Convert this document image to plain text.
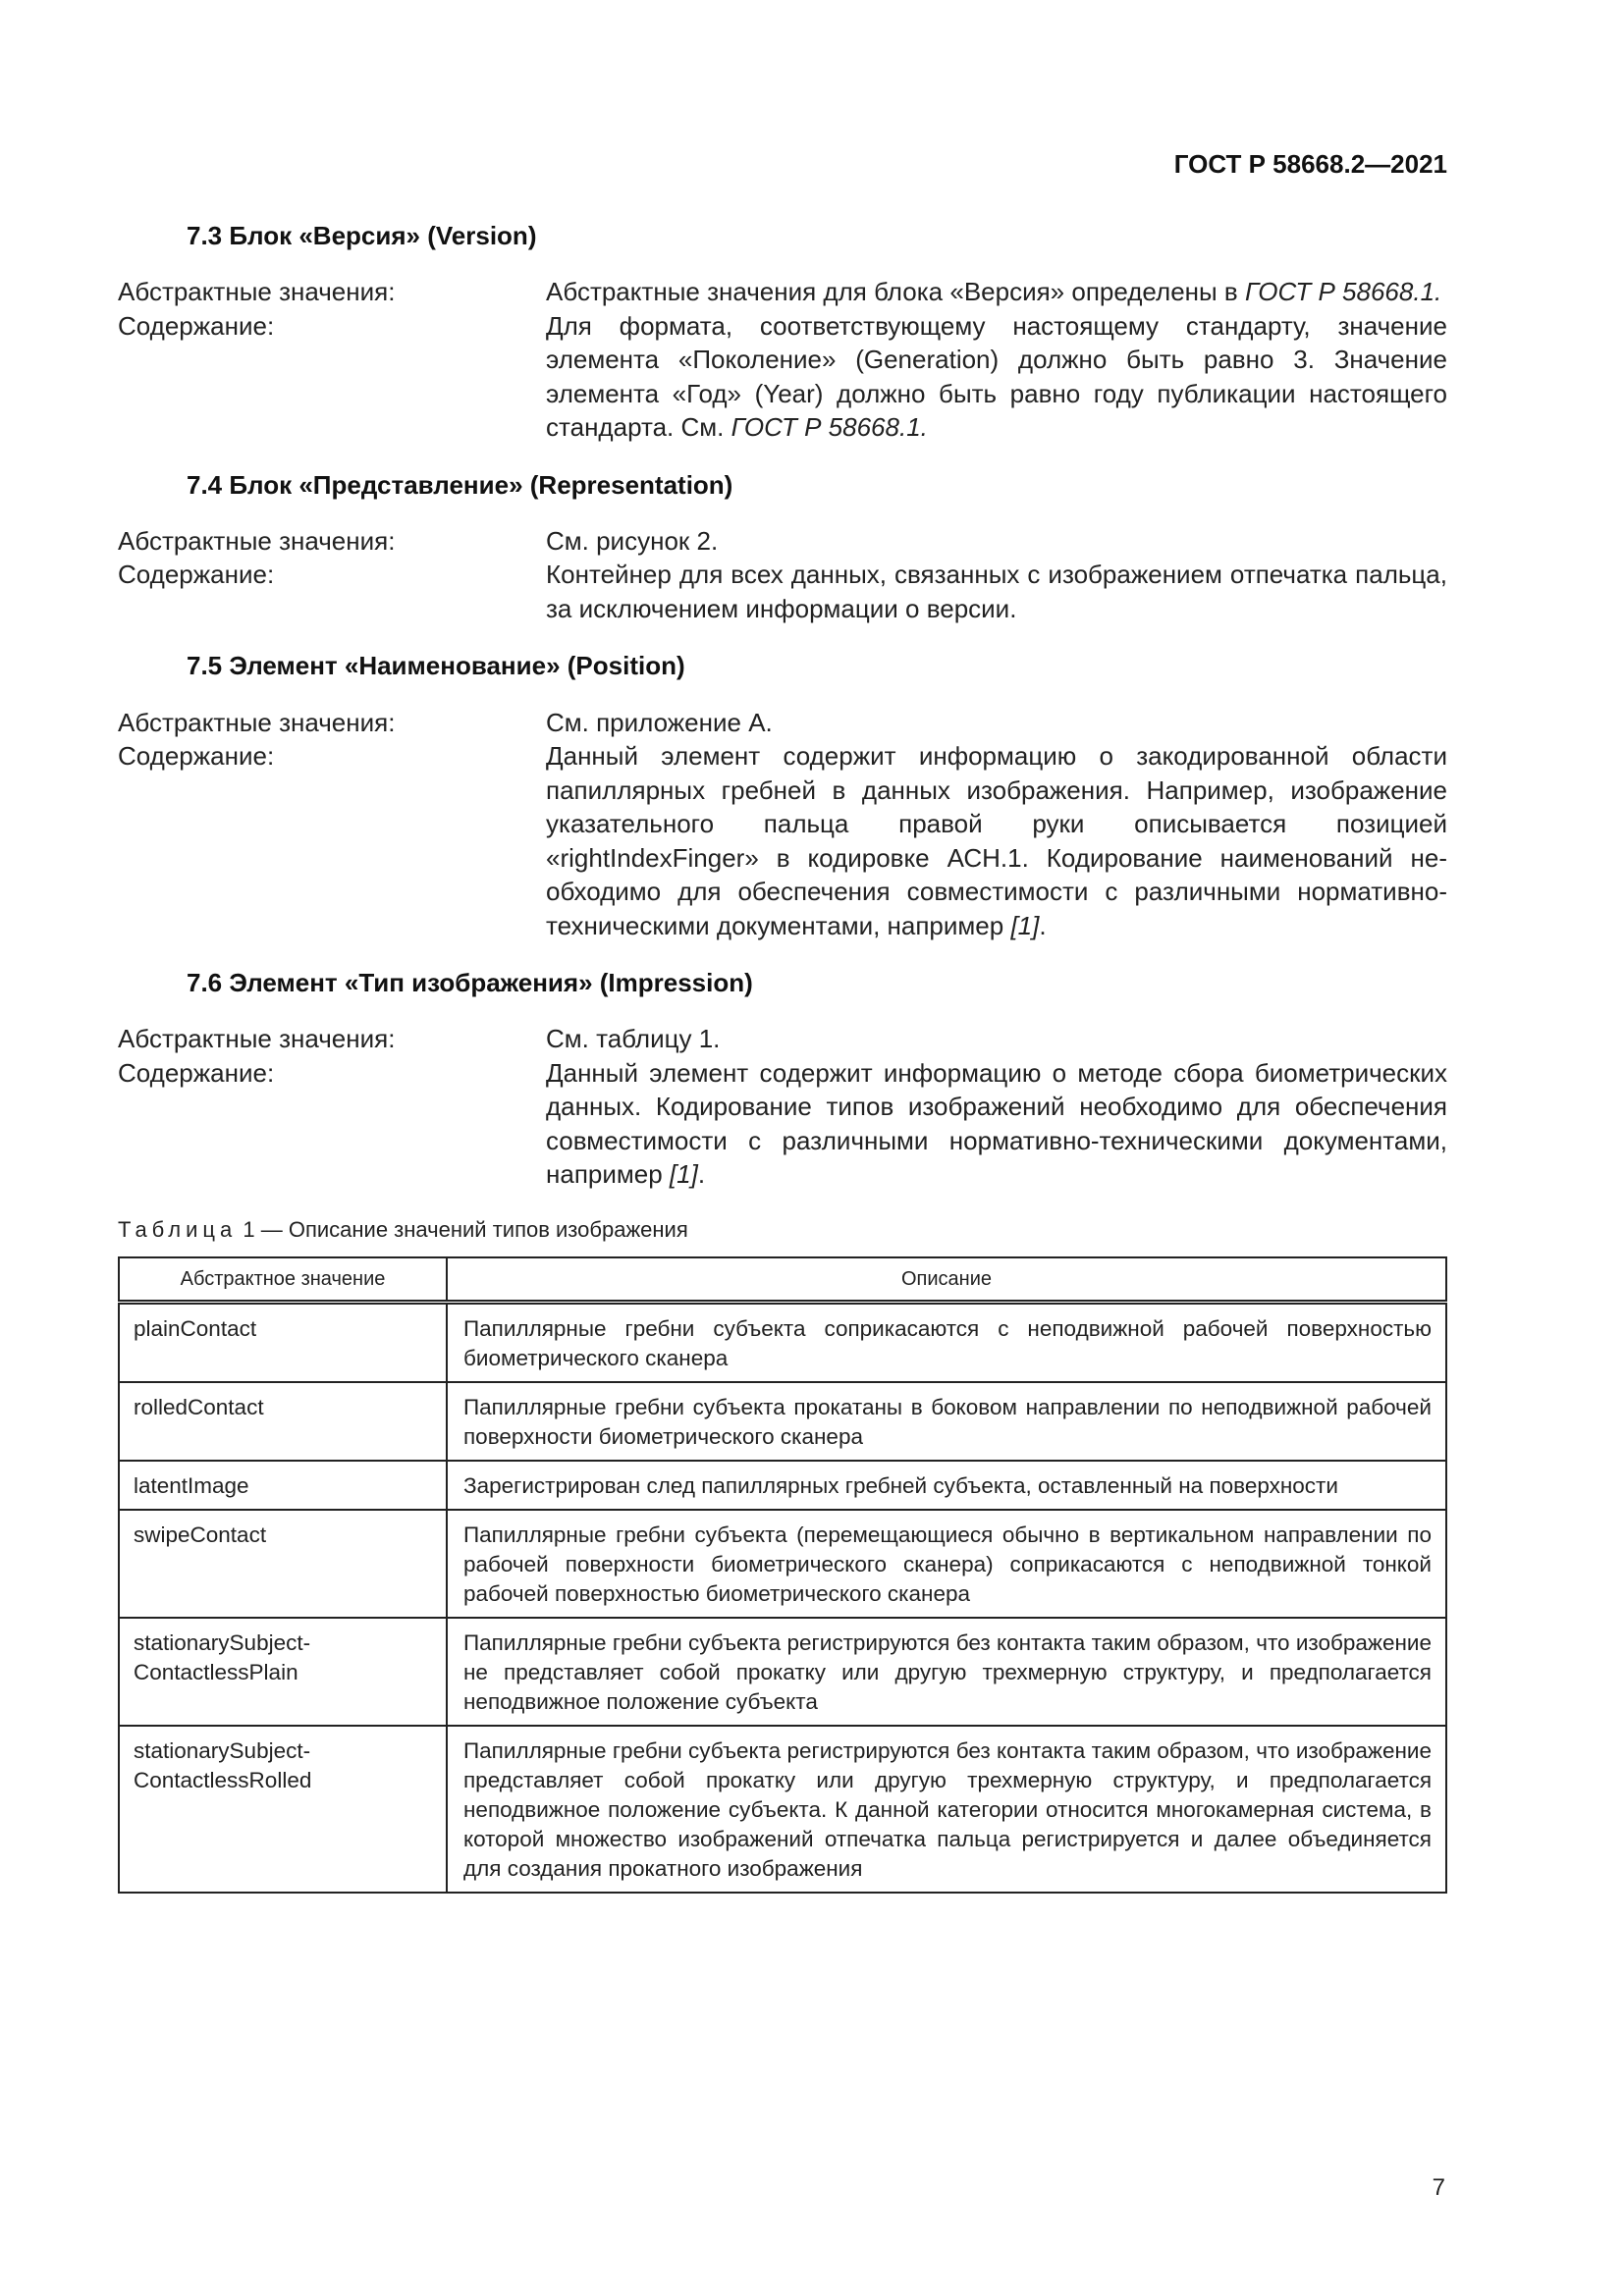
ГОСТ Р 58668.2—2021
7.3 Блок «Версия» (Version)
Абстрактные значения:	Абстрактные значения для блока «Версия» определены в ГОСТ Р 58668.1.
Содержание:	Для формата, соответствующему настоящему стандарту, значение элемента «Поколение» (Generation) должно быть равно 3. Значение элемента «Год» (Year) должно быть равно году публикации настоящего стандарта. См. ГОСТ Р 58668.1.
7.4 Блок «Представление» (Representation)
Абстрактные значения:	См. рисунок 2.
Содержание:	Контейнер для всех данных, связанных с изображением отпечатка пальца, за исключением информации о версии.
7.5 Элемент «Наименование» (Position)
Абстрактные значения:	См. приложение А.
Содержание:	Данный элемент содержит информацию о закодированной области папиллярных гребней в данных изображения. Например, изображение указательного пальца правой руки описывается позицией «rightIndexFinger» в кодировке АСН.1. Кодирование наименований необходимо для обеспечения совместимости с различными нормативно-техническими документами, например [1].
7.6 Элемент «Тип изображения» (Impression)
Абстрактные значения:	См. таблицу 1.
Содержание:	Данный элемент содержит информацию о методе сбора биометрических данных. Кодирование типов изображений необходимо для обеспечения совместимости с различными нормативно-техническими документами, например [1].
Таблица 1 — Описание значений типов изображения
Абстрактное значение	Описание
plainContact	Папиллярные гребни субъекта соприкасаются с неподвижной рабочей поверхностью биометрического сканера
rolledContact	Папиллярные гребни субъекта прокатаны в боковом направлении по неподвижной рабочей поверхности биометрического сканера
latentImage	Зарегистрирован след папиллярных гребней субъекта, оставленный на поверхности
swipeContact	Папиллярные гребни субъекта (перемещающиеся обычно в вертикальном направлении по рабочей поверхности биометрического сканера) соприкасаются с неподвижной тонкой рабочей поверхностью биометрического сканера
stationarySubject-
ContactlessPlain	Папиллярные гребни субъекта регистрируются без контакта таким образом, что изображение не представляет собой прокатку или другую трехмерную структуру, и предполагается неподвижное положение субъекта
stationarySubject-
ContactlessRolled	Папиллярные гребни субъекта регистрируются без контакта таким образом, что изображение представляет собой прокатку или другую трехмерную структуру, и предполагается неподвижное положение субъекта. К данной категории относится многокамерная система, в которой множество изображений отпечатка пальца регистрируется и далее объединяется для создания прокатного изображения
7
